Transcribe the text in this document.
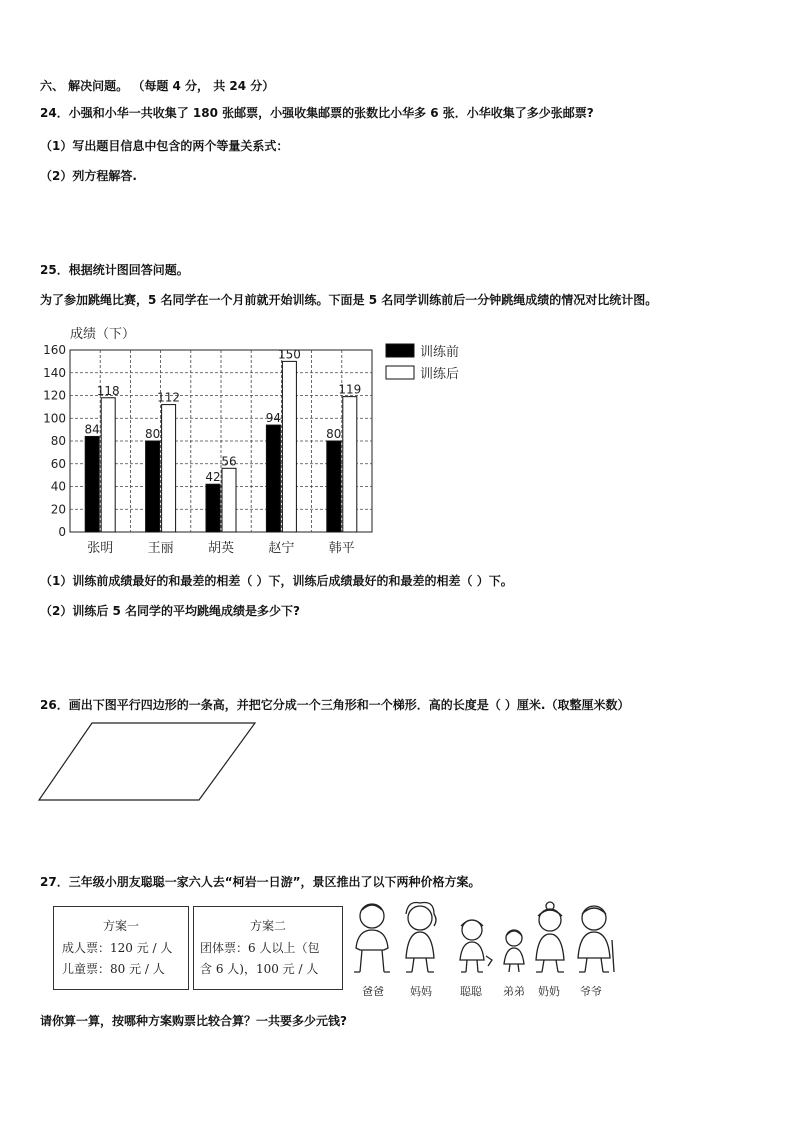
六、 解决问题。 （每题 4 分， 共 24 分）
24．小强和小华一共收集了 180 张邮票，小强收集邮票的张数比小华多 6 张．小华收集了多少张邮票?
（1）写出题目信息中包含的两个等量关系式：
（2）列方程解答.
25．根据统计图回答问题。
为了参加跳绳比赛，5 名同学在一个月前就开始训练。下面是 5 名同学训练前后一分钟跳绳成绩的情况对比统计图。
0
20
40
60
80
100
120
140
160
成绩（下）
84
118
张明
80
112
王丽
42
56
胡英
94
150
赵宁
80
119
韩平
训练前
训练后
（1）训练前成绩最好的和最差的相差（ ）下，训练后成绩最好的和最差的相差（ ）下。
（2）训练后 5 名同学的平均跳绳成绩是多少下?
26．画出下图平行四边形的一条高，并把它分成一个三角形和一个梯形．高的长度是（ ）厘米.（取整厘米数）
27．三年级小朋友聪聪一家六人去“柯岩一日游”，景区推出了以下两种价格方案。
方案一
成人票：120 元 / 人
儿童票：80 元 / 人
方案二
团体票：6 人以上（包
含 6 人)，100 元 / 人
爸爸 妈妈	聪聪 弟弟 奶奶 爷爷
请你算一算，按哪种方案购票比较合算？一共要多少元钱?
